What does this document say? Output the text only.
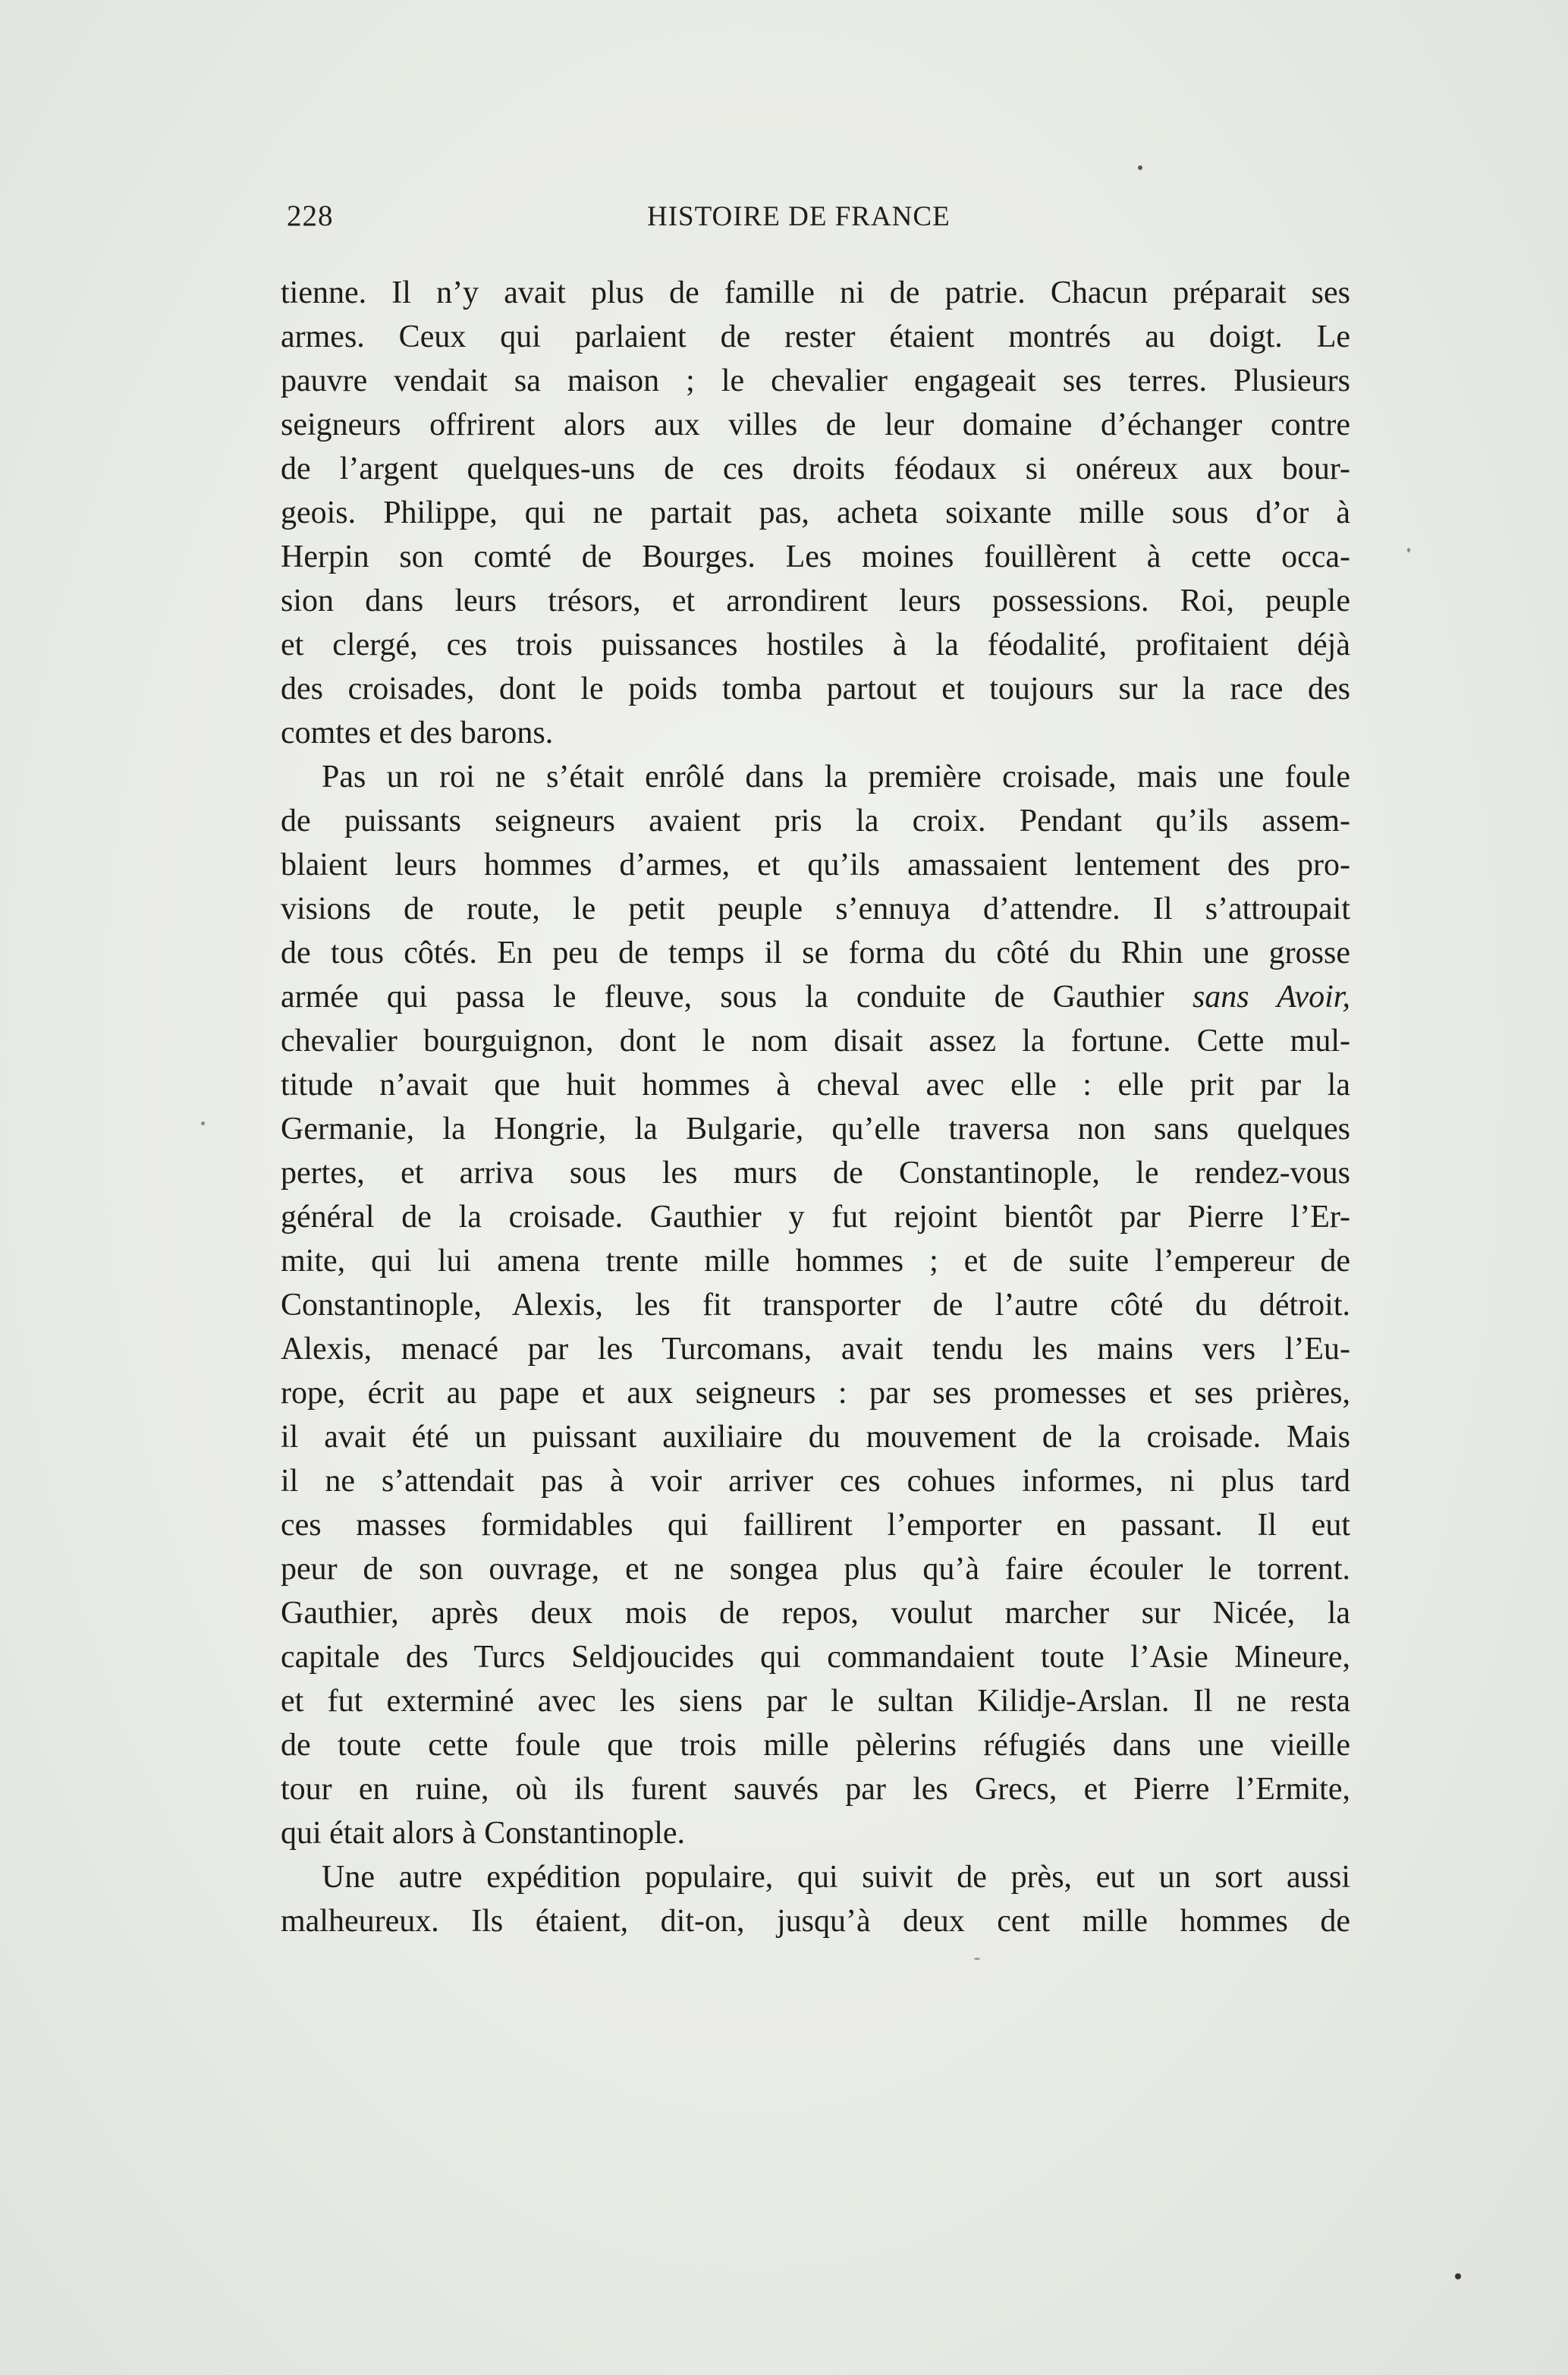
228	HISTOIRE DE FRANCE
tienne. Il n’y avait plus de famille ni de patrie. Chacun préparait ses
armes. Ceux qui parlaient de rester étaient montrés au doigt. Le
pauvre vendait sa maison ; le chevalier engageait ses terres. Plusieurs
seigneurs offrirent alors aux villes de leur domaine d’échanger contre
de l’argent quelques-uns de ces droits féodaux si onéreux aux bour-
geois. Philippe, qui ne partait pas, acheta soixante mille sous d’or à
Herpin son comté de Bourges. Les moines fouillèrent à cette occa-
sion dans leurs trésors, et arrondirent leurs possessions. Roi, peuple
et clergé, ces trois puissances hostiles à la féodalité, profitaient déjà
des croisades, dont le poids tomba partout et toujours sur la race des
comtes et des barons.
Pas un roi ne s’était enrôlé dans la première croisade, mais une foule
de puissants seigneurs avaient pris la croix. Pendant qu’ils assem-
blaient leurs hommes d’armes, et qu’ils amassaient lentement des pro-
visions de route, le petit peuple s’ennuya d’attendre. Il s’attroupait
de tous côtés. En peu de temps il se forma du côté du Rhin une grosse
armée qui passa le fleuve, sous la conduite de Gauthier sans Avoir,
chevalier bourguignon, dont le nom disait assez la fortune. Cette mul-
titude n’avait que huit hommes à cheval avec elle : elle prit par la
Germanie, la Hongrie, la Bulgarie, qu’elle traversa non sans quelques
pertes, et arriva sous les murs de Constantinople, le rendez-vous
général de la croisade. Gauthier y fut rejoint bientôt par Pierre l’Er-
mite, qui lui amena trente mille hommes ; et de suite l’empereur de
Constantinople, Alexis, les fit transporter de l’autre côté du détroit.
Alexis, menacé par les Turcomans, avait tendu les mains vers l’Eu-
rope, écrit au pape et aux seigneurs : par ses promesses et ses prières,
il avait été un puissant auxiliaire du mouvement de la croisade. Mais
il ne s’attendait pas à voir arriver ces cohues informes, ni plus tard
ces masses formidables qui faillirent l’emporter en passant. Il eut
peur de son ouvrage, et ne songea plus qu’à faire écouler le torrent.
Gauthier, après deux mois de repos, voulut marcher sur Nicée, la
capitale des Turcs Seldjoucides qui commandaient toute l’Asie Mineure,
et fut exterminé avec les siens par le sultan Kilidje-Arslan. Il ne resta
de toute cette foule que trois mille pèlerins réfugiés dans une vieille
tour en ruine, où ils furent sauvés par les Grecs, et Pierre l’Ermite,
qui était alors à Constantinople.
Une autre expédition populaire, qui suivit de près, eut un sort aussi
malheureux. Ils étaient, dit-on, jusqu’à deux cent mille hommes de
